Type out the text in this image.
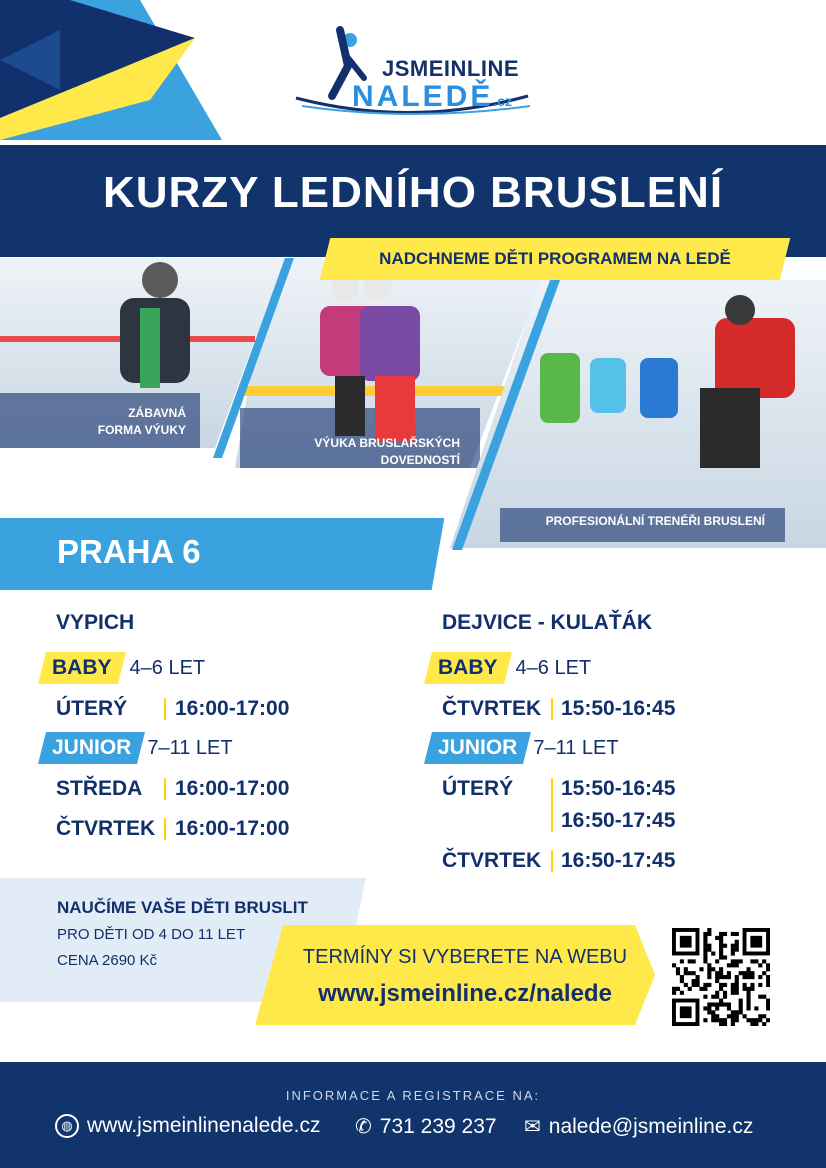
JSMEINLINE
NALEDĚ.cz
KURZY LEDNÍHO BRUSLENÍ
NADCHNEME DĚTI PROGRAMEM NA LEDĚ
ZÁBAVNÁ
FORMA VÝUKY
VÝUKA BRUSLAŘSKÝCH
DOVEDNOSTÍ
PROFESIONÁLNÍ TRENÉŘI BRUSLENÍ
PRAHA 6
VYPICH
BABY 4–6 LET
ÚTERÝ 16:00-17:00
JUNIOR 7–11 LET
STŘEDA 16:00-17:00
ČTVRTEK 16:00-17:00
DEJVICE - KULAŤÁK
BABY 4–6 LET
ČTVRTEK 15:50-16:45
JUNIOR 7–11 LET
ÚTERÝ 15:50-16:45
16:50-17:45
ČTVRTEK 16:50-17:45
NAUČÍME VAŠE DĚTI BRUSLIT
PRO DĚTI OD 4 DO 11 LET
CENA 2690 Kč	TERMÍNY SI VYBERETE NA WEBU
www.jsmeinline.cz/nalede
INFORMACE A REGISTRACE NA:
◍ www.jsmeinlinenalede.cz ✆ 731 239 237 ✉ nalede@jsmeinline.cz
